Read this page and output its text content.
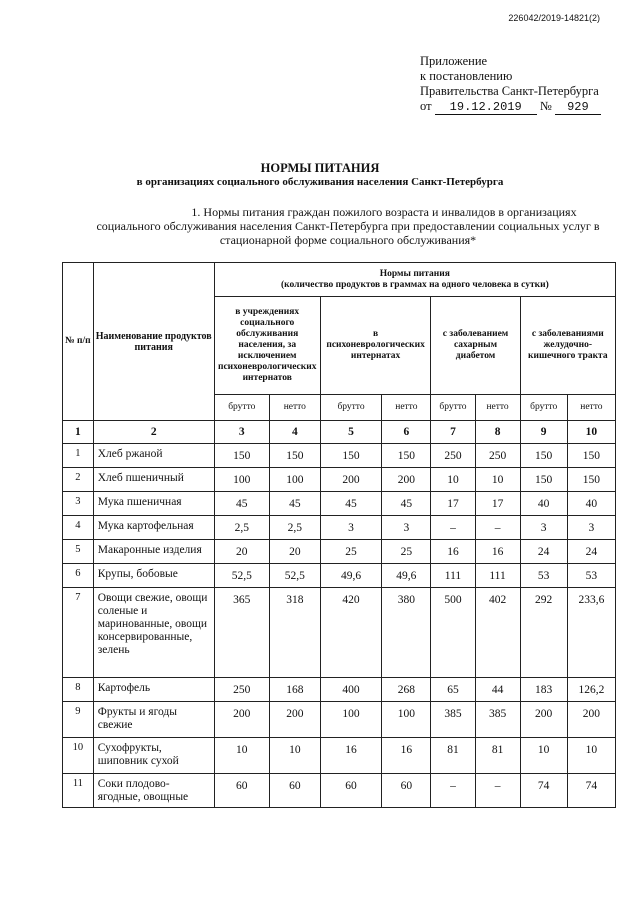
226042/2019-14821(2)
Приложение
к постановлению
Правительства Санкт-Петербурга
от 19.12.2019 № 929
НОРМЫ ПИТАНИЯ
в организациях социального обслуживания населения Санкт-Петербурга
1. Нормы питания граждан пожилого возраста и инвалидов в организациях социального обслуживания населения Санкт-Петербурга при предоставлении социальных услуг в стационарной форме социального обслуживания*
№ п/п	Наименование продуктов питания	Нормы питания
(количество продуктов в граммах на одного человека в сутки)							

		в учреждениях социального обслуживания населения, за исключением психоневрологических интернатов		в психоневрологических интернатах		с заболеванием сахарным диабетом		с заболеваниями желудочно-кишечного тракта	
		брутто	нетто	брутто	нетто	брутто	нетто	брутто	нетто
1	2	3	4	5	6	7	8	9	10
1	Хлеб ржаной	150	150	150	150	250	250	150	150
2	Хлеб пшеничный	100	100	200	200	10	10	150	150
3	Мука пшеничная	45	45	45	45	17	17	40	40
4	Мука картофельная	2,5	2,5	3	3	–	–	3	3
5	Макаронные изделия	20	20	25	25	16	16	24	24
6	Крупы, бобовые	52,5	52,5	49,6	49,6	111	111	53	53
7	Овощи свежие, овощи соленые и маринованные, овощи консервированные, зелень	365	318	420	380	500	402	292	233,6
8	Картофель	250	168	400	268	65	44	183	126,2
9	Фрукты и ягоды свежие	200	200	100	100	385	385	200	200
10	Сухофрукты, шиповник сухой	10	10	16	16	81	81	10	10
11	Соки плодово-ягодные, овощные	60	60	60	60	–	–	74	74
